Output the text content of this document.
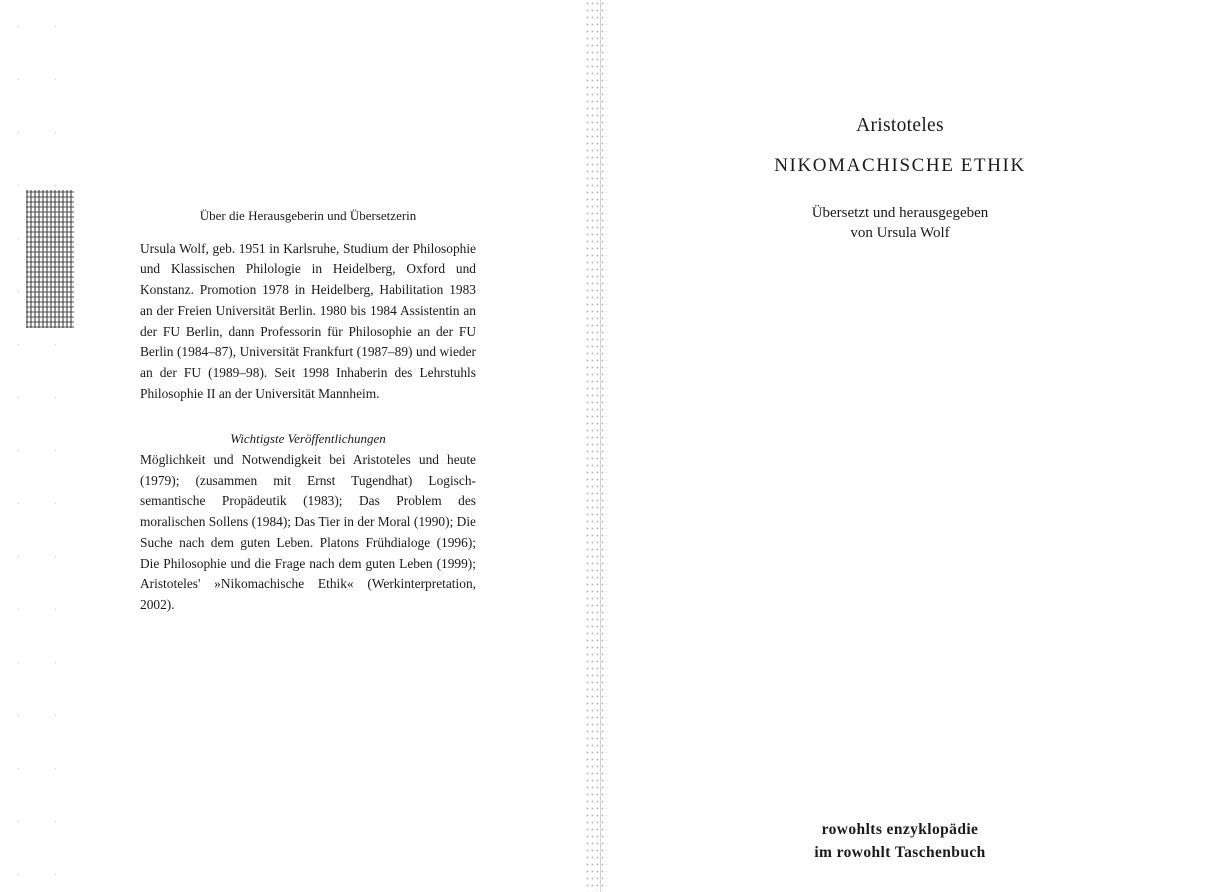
Über die Herausgeberin und Übersetzerin

Ursula Wolf, geb. 1951 in Karlsruhe, Studium der Philosophie und Klassischen Philologie in Heidelberg, Oxford und Konstanz. Promotion 1978 in Heidelberg, Habilitation 1983 an der Freien Universität Berlin. 1980 bis 1984 Assistentin an der FU Berlin, dann Professorin für Philosophie an der FU Berlin (1984–87), Universität Frankfurt (1987–89) und wieder an der FU (1989–98). Seit 1998 Inhaberin des Lehrstuhls Philosophie II an der Universität Mannheim.

Wichtigste Veröffentlichungen

Möglichkeit und Notwendigkeit bei Aristoteles und heute (1979); (zusammen mit Ernst Tugendhat) Logisch-semantische Propädeutik (1983); Das Problem des moralischen Sollens (1984); Das Tier in der Moral (1990); Die Suche nach dem guten Leben. Platons Frühdialoge (1996); Die Philosophie und die Frage nach dem guten Leben (1999); Aristoteles' »Nikomachische Ethik« (Werkinterpretation, 2002).

Aristoteles

NIKOMACHISCHE ETHIK

Übersetzt und herausgegeben
von Ursula Wolf
rowohlts enzyklopädie
im rowohlt Taschenbuch
